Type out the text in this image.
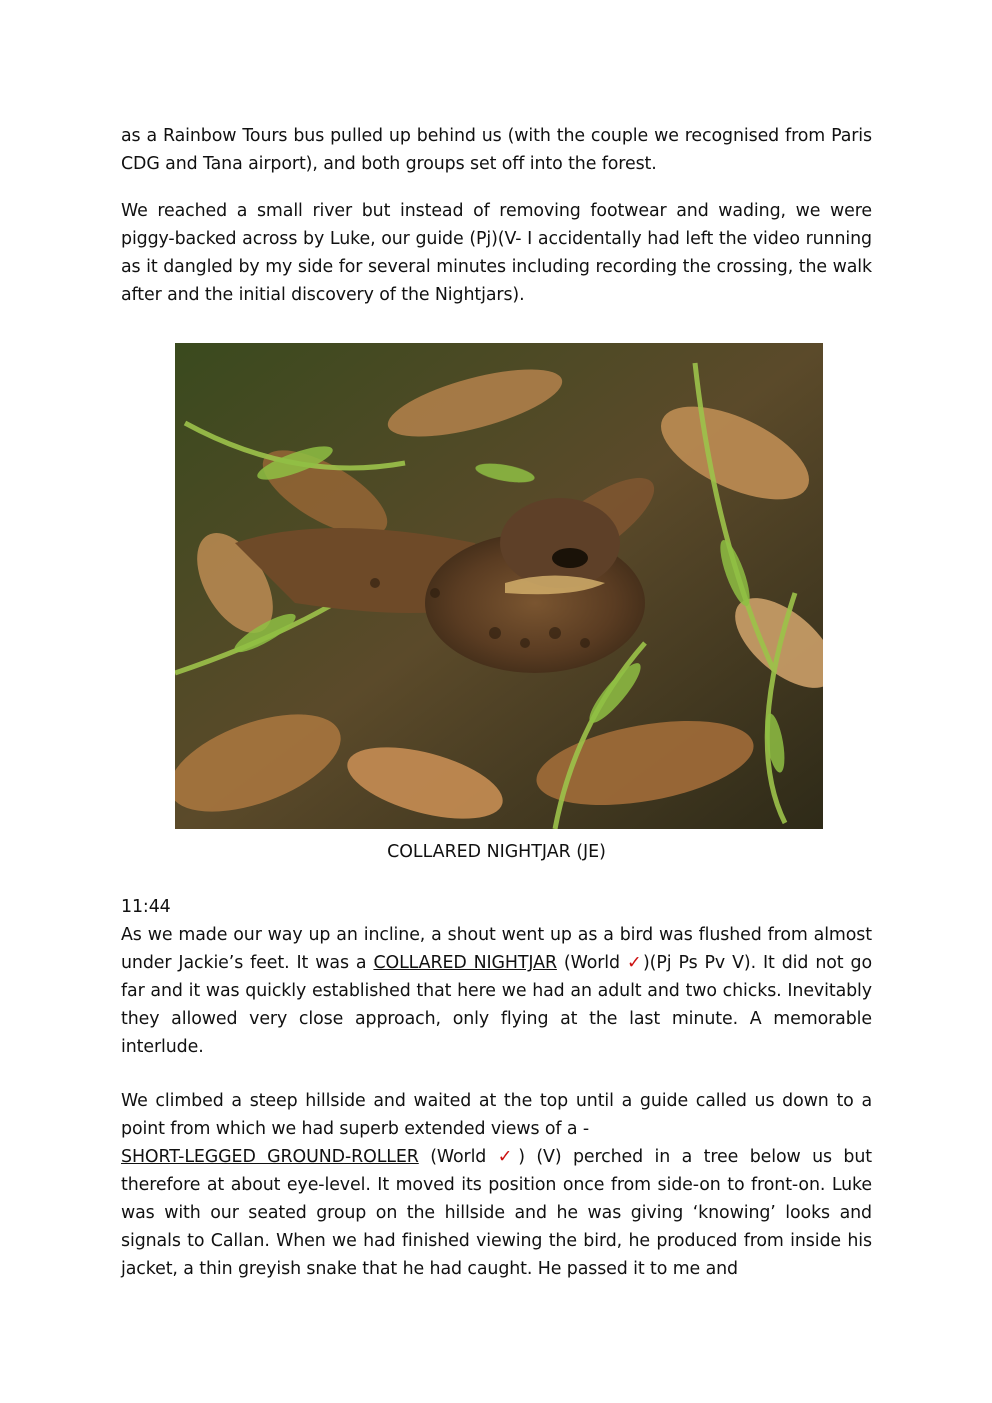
as a Rainbow Tours bus pulled up behind us (with the couple we recognised from Paris CDG and Tana airport), and both groups set off into the forest.

We reached a small river but instead of removing footwear and wading, we were piggy-backed across by Luke, our guide (Pj)(V- I accidentally had left the video running as it dangled by my side for several minutes including recording the crossing, the walk after and the initial discovery of the Nightjars).

COLLARED NIGHTJAR (JE)
11:44

As we made our way up an incline, a shout went up as a bird was flushed from almost under Jackie’s feet. It was a COLLARED NIGHTJAR (World ✓)(Pj Ps Pv V). It did not go far and it was quickly established that here we had an adult and two chicks. Inevitably they allowed very close approach, only flying at the last minute. A memorable interlude.

We climbed a steep hillside and waited at the top until a guide called us down to a point from which we had superb extended views of a -
SHORT-LEGGED GROUND-ROLLER (World ✓) (V) perched in a tree below us but therefore at about eye-level. It moved its position once from side-on to front-on. Luke was with our seated group on the hillside and he was giving ‘knowing’ looks and signals to Callan. When we had finished viewing the bird, he produced from inside his jacket, a thin greyish snake that he had caught. He passed it to me and
